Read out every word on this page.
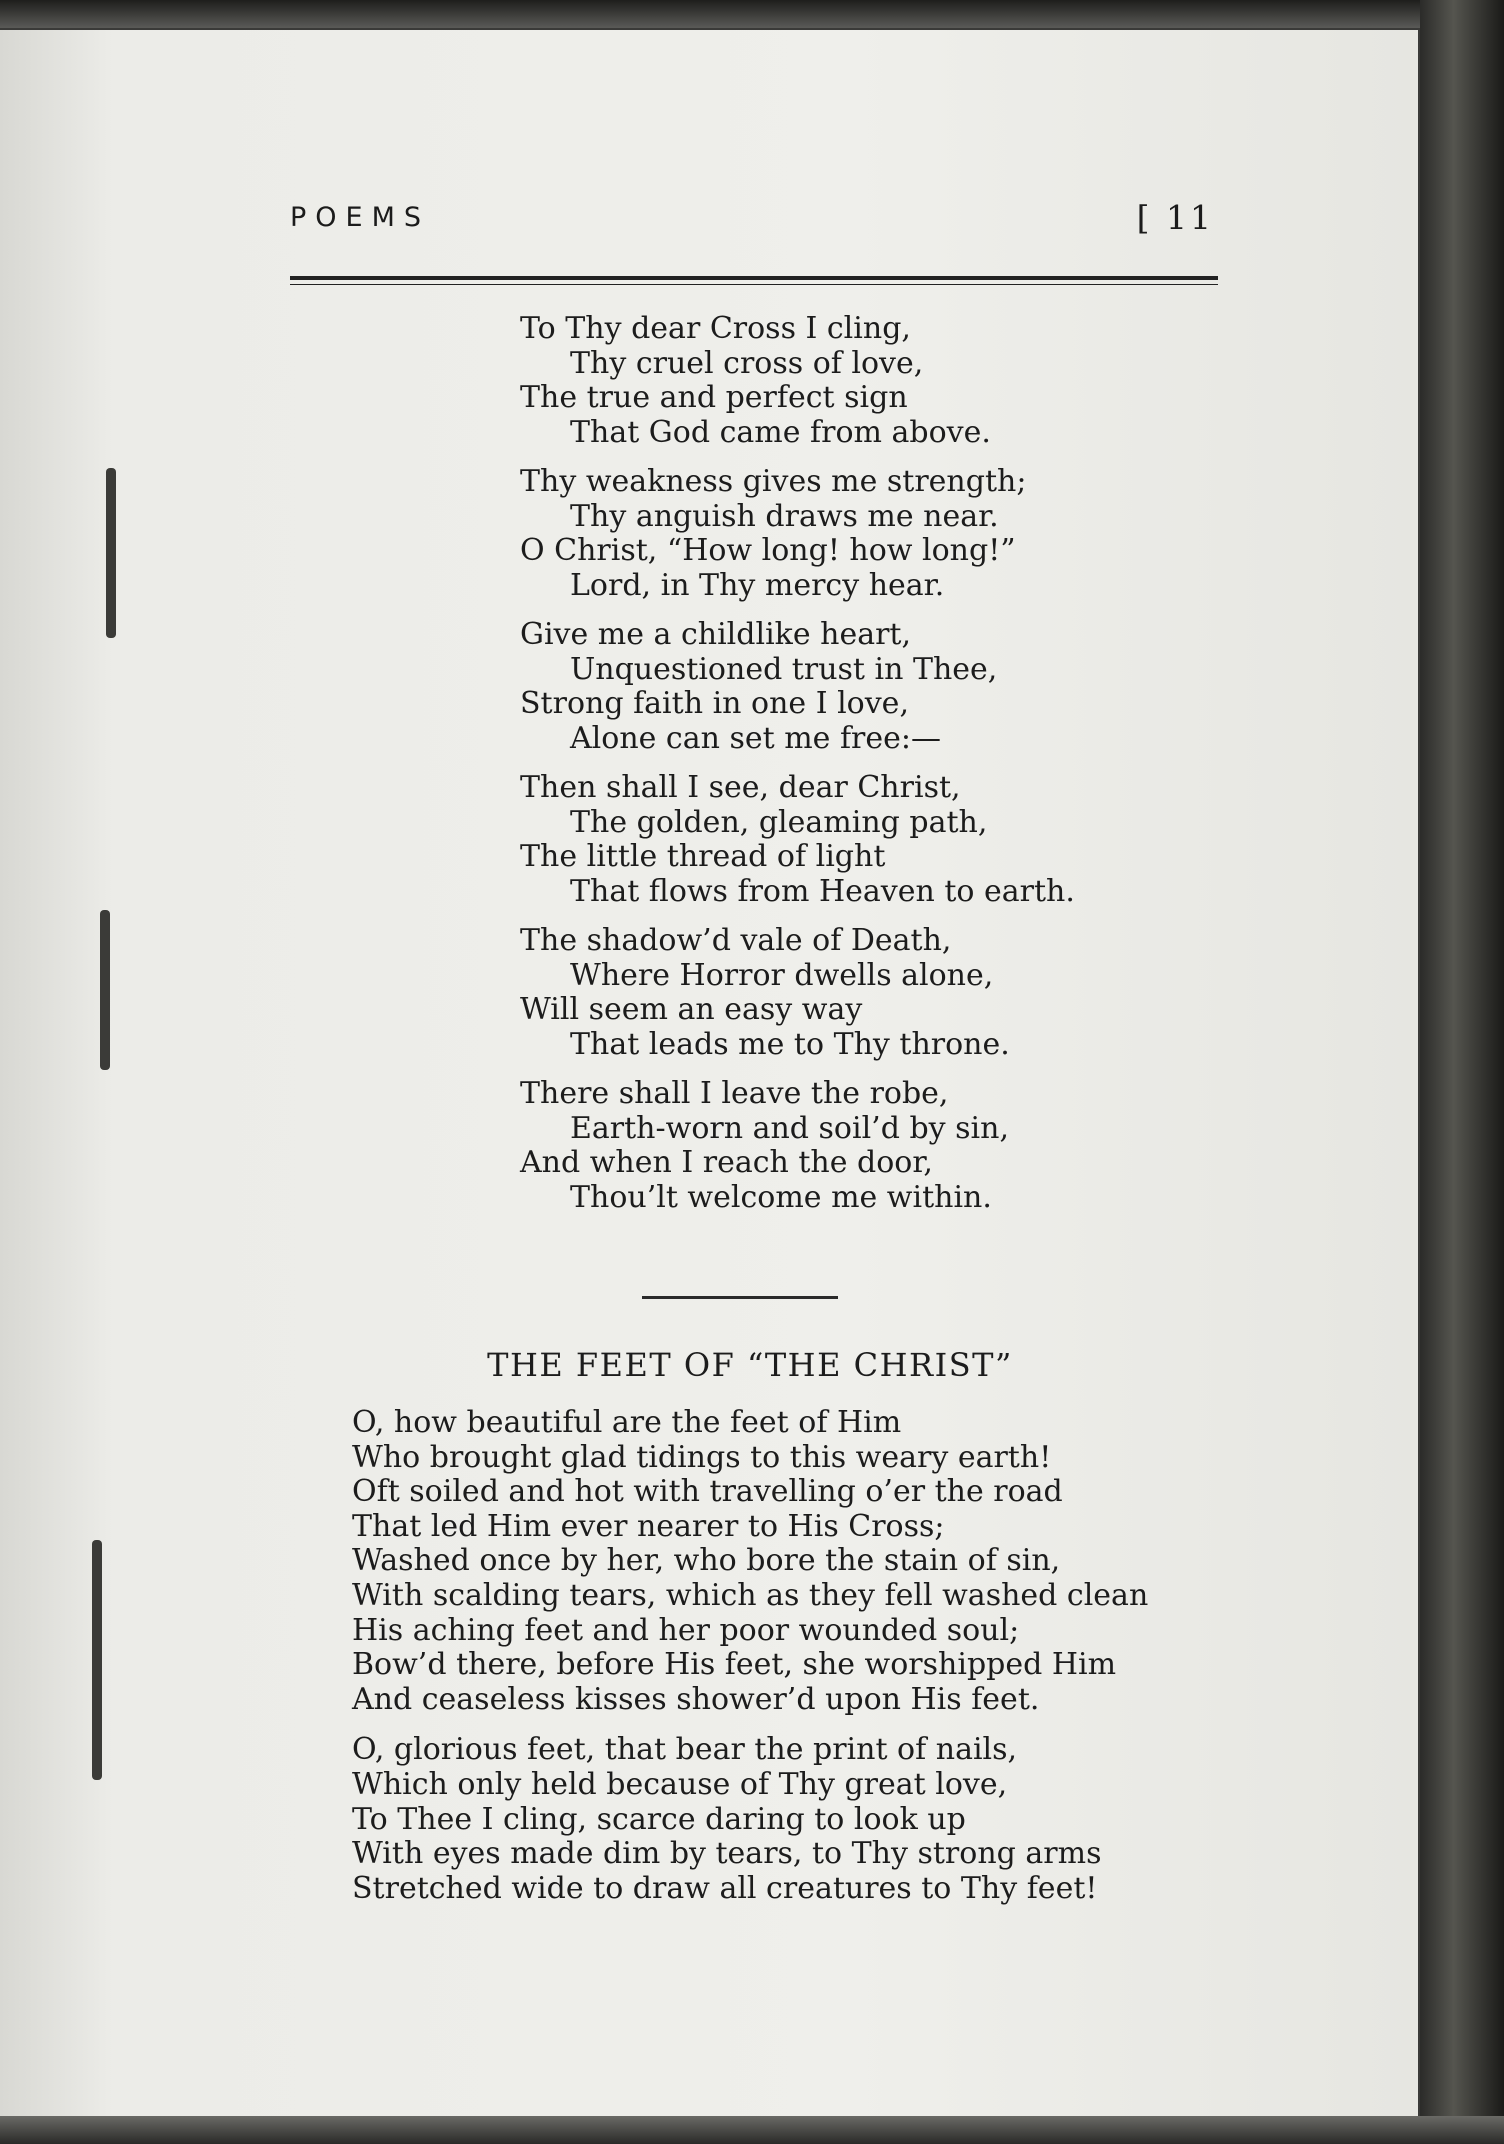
POEMS	[ 11
To Thy dear Cross I cling,
Thy cruel cross of love,
The true and perfect sign
That God came from above.
Thy weakness gives me strength;
Thy anguish draws me near.
O Christ, “How long! how long!”
Lord, in Thy mercy hear.
Give me a childlike heart,
Unquestioned trust in Thee,
Strong faith in one I love,
Alone can set me free:—
Then shall I see, dear Christ,
The golden, gleaming path,
The little thread of light
That flows from Heaven to earth.
The shadow’d vale of Death,
Where Horror dwells alone,
Will seem an easy way
That leads me to Thy throne.
There shall I leave the robe,
Earth-worn and soil’d by sin,
And when I reach the door,
Thou’lt welcome me within.
THE FEET OF “THE CHRIST”
O, how beautiful are the feet of Him
Who brought glad tidings to this weary earth!
Oft soiled and hot with travelling o’er the road
That led Him ever nearer to His Cross;
Washed once by her, who bore the stain of sin,
With scalding tears, which as they fell washed clean
His aching feet and her poor wounded soul;
Bow’d there, before His feet, she worshipped Him
And ceaseless kisses shower’d upon His feet.
O, glorious feet, that bear the print of nails,
Which only held because of Thy great love,
To Thee I cling, scarce daring to look up
With eyes made dim by tears, to Thy strong arms
Stretched wide to draw all creatures to Thy feet!
